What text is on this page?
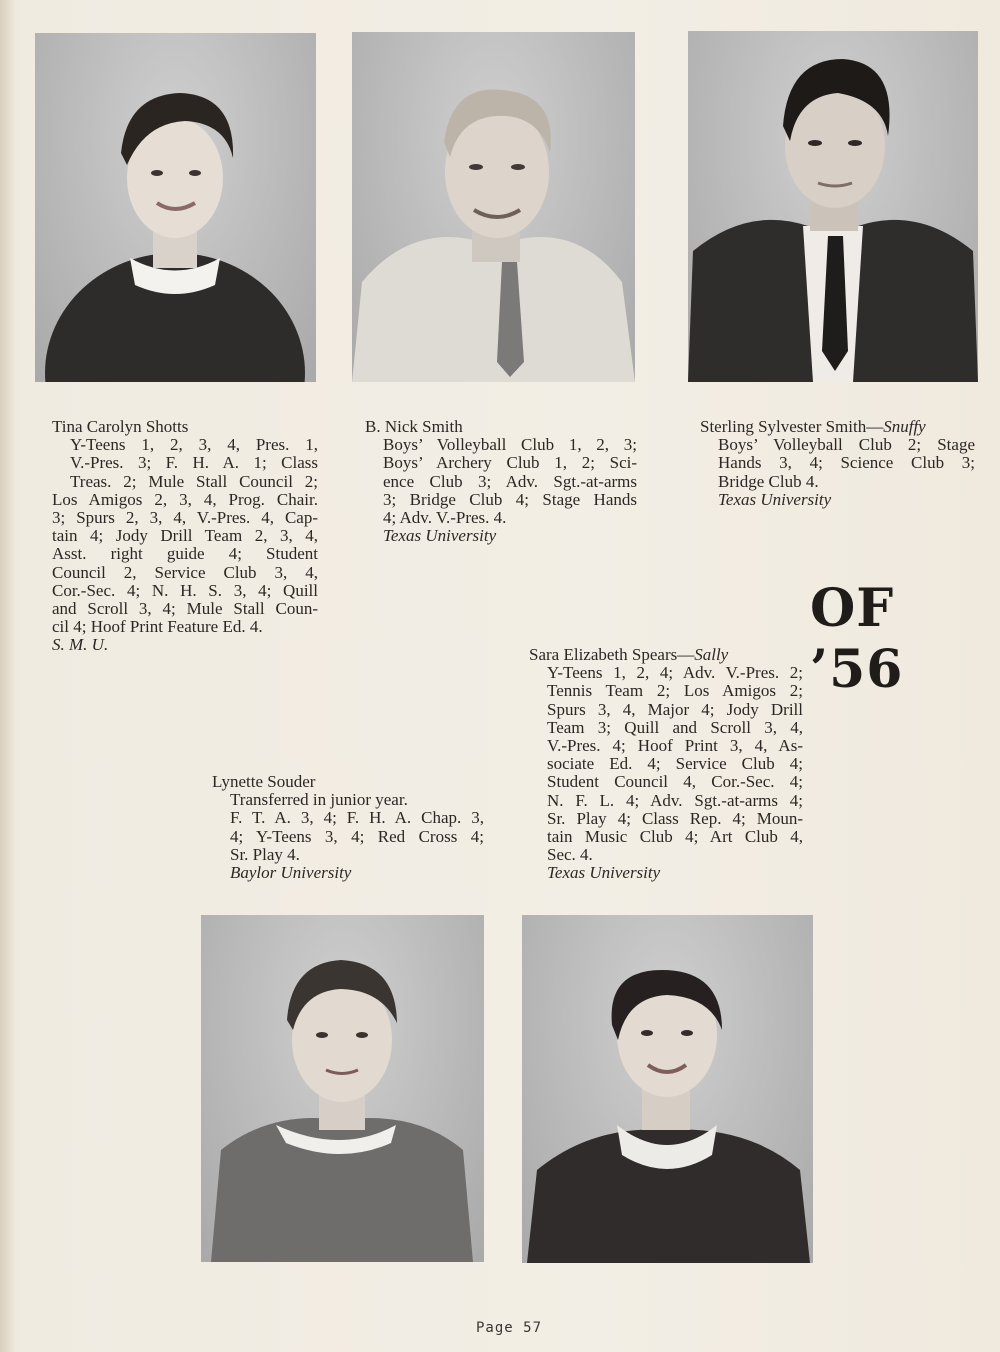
Tina Carolyn Shotts
Y-Teens 1, 2, 3, 4, Pres. 1,
V.-Pres. 3; F. H. A. 1; Class
Treas. 2; Mule Stall Council 2;
Los Amigos 2, 3, 4, Prog. Chair.
3; Spurs 2, 3, 4, V.-Pres. 4, Cap-
tain 4; Jody Drill Team 2, 3, 4,
Asst. right guide 4; Student
Council 2, Service Club 3, 4,
Cor.-Sec. 4; N. H. S. 3, 4; Quill
and Scroll 3, 4; Mule Stall Coun-
cil 4; Hoof Print Feature Ed. 4.
S. M. U.
B. Nick Smith
Boys’ Volleyball Club 1, 2, 3;
Boys’ Archery Club 1, 2; Sci-
ence Club 3; Adv. Sgt.-at-arms
3; Bridge Club 4; Stage Hands
4; Adv. V.-Pres. 4.
Texas University
Sterling Sylvester Smith—Snuffy
Boys’ Volleyball Club 2; Stage
Hands 3, 4; Science Club 3;
Bridge Club 4.
Texas University
OF ’56
Sara Elizabeth Spears—Sally
Y-Teens 1, 2, 4; Adv. V.-Pres. 2;
Tennis Team 2; Los Amigos 2;
Spurs 3, 4, Major 4; Jody Drill
Team 3; Quill and Scroll 3, 4,
V.-Pres. 4; Hoof Print 3, 4, As-
sociate Ed. 4; Service Club 4;
Student Council 4, Cor.-Sec. 4;
N. F. L. 4; Adv. Sgt.-at-arms 4;
Sr. Play 4; Class Rep. 4; Moun-
tain Music Club 4; Art Club 4,
Sec. 4.
Texas University
Lynette Souder
Transferred in junior year.
F. T. A. 3, 4; F. H. A. Chap. 3,
4; Y-Teens 3, 4; Red Cross 4;
Sr. Play 4.
Baylor University
Page 57
